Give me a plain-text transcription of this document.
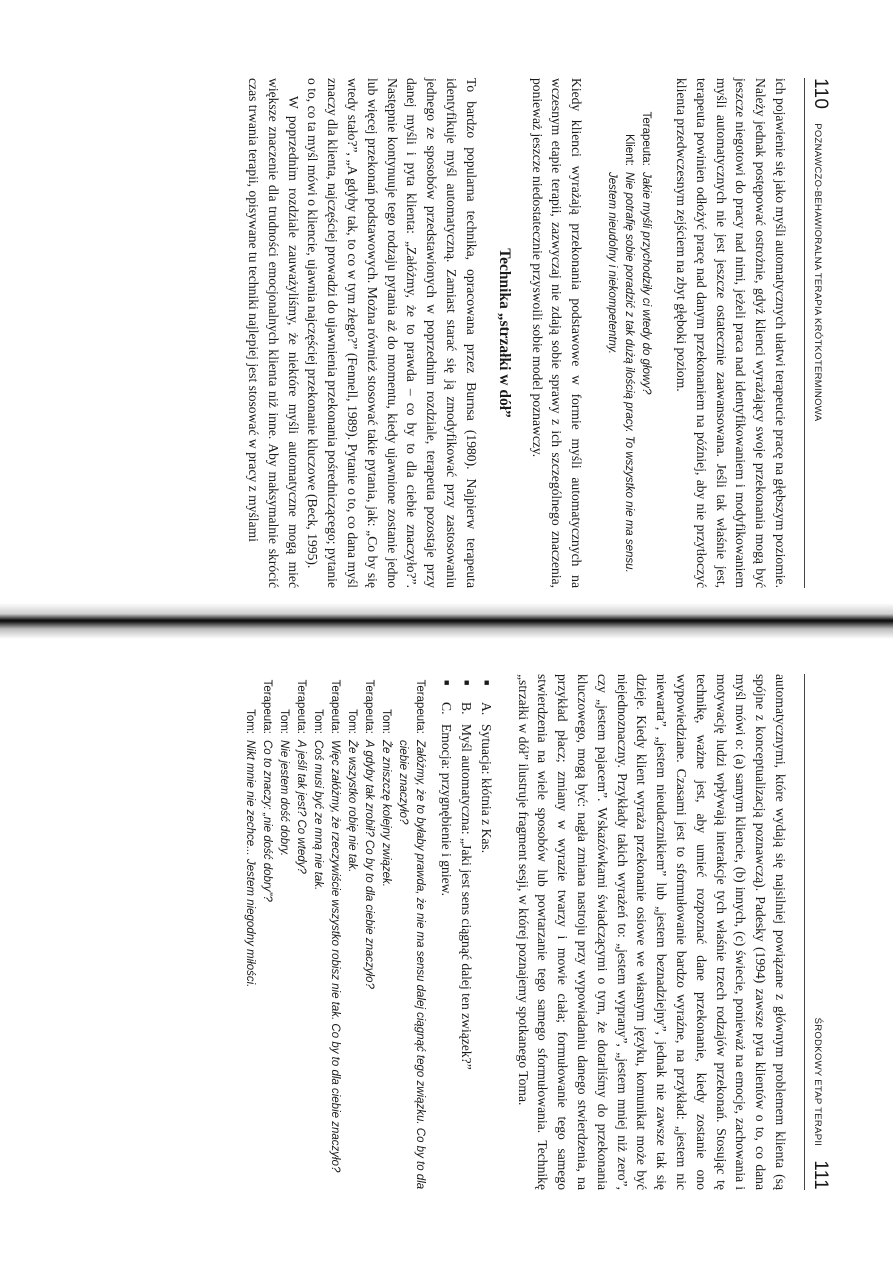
110
POZNAWCZO-BEHAWIORALNA TERAPIA KRÓTKOTERMINOWA

ich pojawienie się jako myśli automatycznych ułatwi terapeucie pracę na głębszym poziomie. Należy jednak postępować ostrożnie, gdyż klienci wyrażający swoje przekonania mogą być jeszcze niegotowi do pracy nad nimi, jeżeli praca nad identyfikowaniem i modyfikowaniem myśli automatycznych nie jest jeszcze ostatecznie zaawansowana. Jeśli tak właśnie jest, terapeuta powinien odłożyć pracę nad danym przekonaniem na później, aby nie przytłoczyć klienta przedwczesnym zejściem na zbyt głęboki poziom.

Terapeuta:
Jakie myśli przychodziły ci wtedy do głowy?
Klient:
Nie potrafię sobie poradzić z tak dużą ilością pracy. To wszystko nie ma sensu. Jestem nieudolny i niekompetentny.

Kiedy klienci wyrażają przekonania podstawowe w formie myśli automatycznych na wczesnym etapie terapii, zazwyczaj nie zdają sobie sprawy z ich szczególnego znaczenia, ponieważ jeszcze niedostatecznie przyswoili sobie model poznawczy.

Technika „strzałki w dół”

To bardzo popularna technika, opracowana przez Burnsa (1980). Najpierw terapeuta identyfikuje myśl automatyczną. Zamiast starać się ją zmodyfikować przy zastosowaniu jednego ze sposobów przedstawionych w poprzednim rozdziale, terapeuta pozostaje przy danej myśli i pyta klienta: „Załóżmy, że to prawda – co by to dla ciebie znaczyło?”. Następnie kontynuuje tego rodzaju pytania aż do momentu, kiedy ujawnione zostanie jedno lub więcej przekonań podstawowych. Można również stosować takie pytania, jak: „Co by się wtedy stało?”, „A gdyby tak, to co w tym złego?” (Fennell, 1989). Pytanie o to, co dana myśl znaczy dla klienta, najczęściej prowadzi do ujawnienia przekonania pośredniczącego; pytanie o to, co ta myśl mówi o kliencie, ujawnia najczęściej przekonanie kluczowe (Beck, 1995).

W poprzednim rozdziale zauważyliśmy, że niektóre myśli automatyczne mogą mieć większe znaczenie dla trudności emocjonalnych klienta niż inne. Aby maksymalnie skrócić czas trwania terapii, opisywane tu techniki najlepiej jest stosować w pracy z myślami

ŚRODKOWY ETAP TERAPII
111

automatycznymi, które wydają się najsilniej powiązane z głównym problemem klienta (są spójne z konceptualizacją poznawczą). Padesky (1994) zawsze pyta klientów o to, co dana myśl mówi o: (a) samym kliencie, (b) innych, (c) świecie, ponieważ na emocje, zachowania i motywację ludzi wpływają interakcje tych właśnie trzech rodzajów przekonań. Stosując tę technikę, ważne jest, aby umieć rozpoznać dane przekonanie, kiedy zostanie ono wypowiedziane. Czasami jest to sformułowanie bardzo wyraźne, na przykład: „jestem nic niewarta”, „jestem nieudacznikiem” lub „jestem beznadziejny”, jednak nie zawsze tak się dzieje. Kiedy klient wyraża przekonanie osiowe we własnym języku, komunikat może być niejednoznaczny. Przykłady takich wyrażeń to: „jestem wyprany”, „jestem mniej niż zero”, czy „jestem pajacem”. Wskazówkami świadczącymi o tym, że dotarliśmy do przekonania kluczowego, mogą być: nagła zmiana nastroju przy wypowiadaniu danego stwierdzenia, na przykład płacz; zmiany w wyrazie twarzy i mowie ciała; formułowanie tego samego stwierdzenia na wiele sposobów lub powtarzanie tego samego sformułowania. Technikę „strzałki w dół” ilustruje fragment sesji, w której poznajemy spotkanego Toma.

■
A.
Sytuacja: kłótnia z Kas.
■
B.
Myśl automatyczna: „Jaki jest sens ciągnąć dalej ten związek?”
■
C.
Emocja: przygnębienie i gniew.
Terapeuta:
Załóżmy, że to byłaby prawda, że nie ma sensu dalej ciągnąć tego związku. Co by to dla ciebie znaczyło?
Tom:
Że zniszczę kolejny związek.
Terapeuta:
A gdyby tak zrobił? Co by to dla ciebie znaczyło?
Tom:
Że wszystko robię nie tak.
Terapeuta:
Więc załóżmy, że rzeczywiście wszystko robisz nie tak. Co by to dla ciebie znaczyło?
Tom:
Coś musi być ze mną nie tak.
Terapeuta:
A jeśli tak jest? Co wtedy?
Tom:
Nie jestem dość dobry.
Terapeuta:
Co to znaczy: „nie dość dobry”?
Tom:
Nikt mnie nie zechce... Jestem niegodny miłości.
